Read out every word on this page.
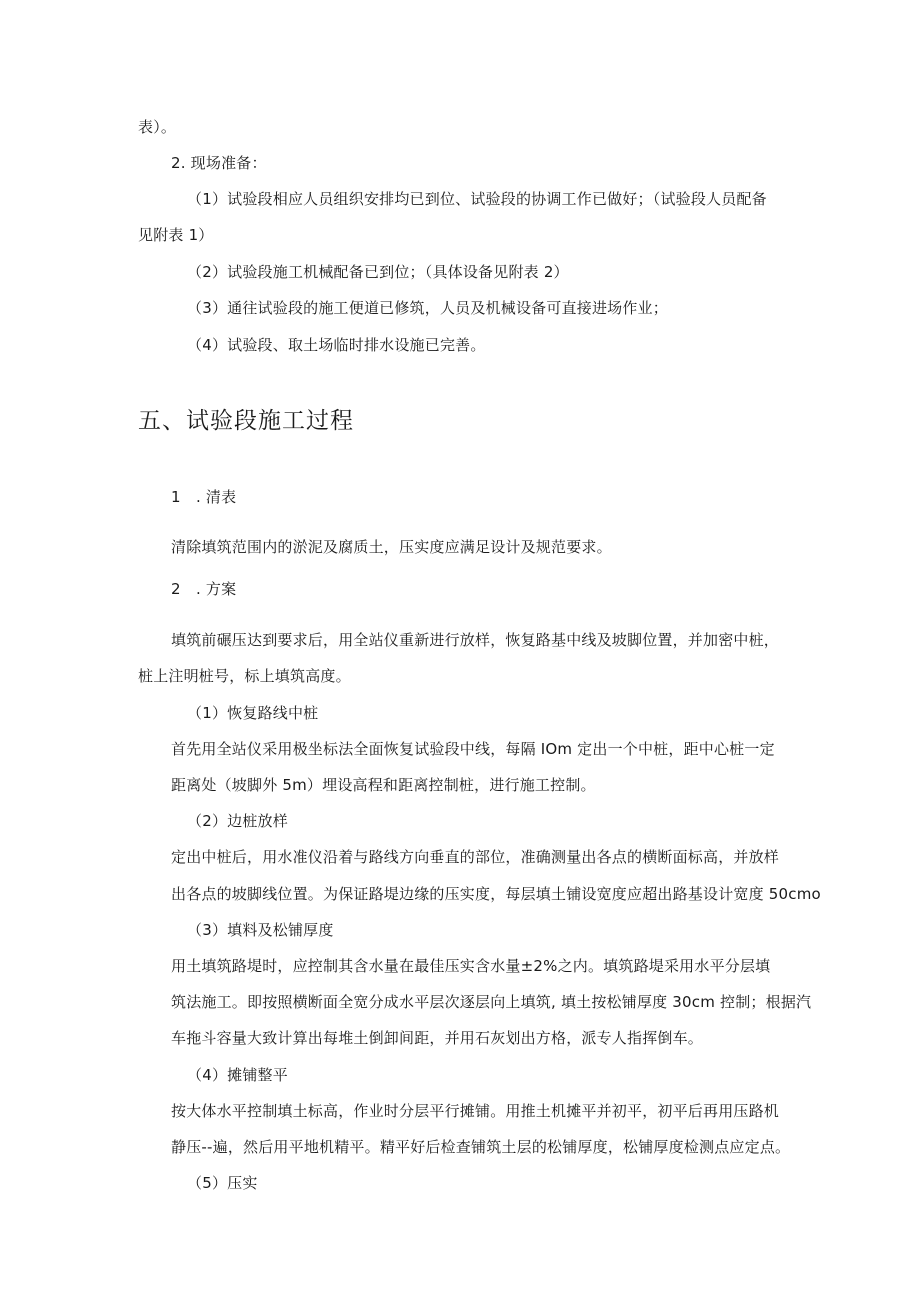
表）。
2. 现场准备：
（1）试验段相应人员组织安排均已到位、试验段的协调工作已做好；（试验段人员配备
见附表 1）
（2）试验段施工机械配备已到位；（具体设备见附表 2）
（3）通往试验段的施工便道已修筑，人员及机械设备可直接进场作业；
（4）试验段、取土场临时排水设施已完善。
五、试验段施工过程
1　. 清表
清除填筑范围内的淤泥及腐质土，压实度应满足设计及规范要求。
2　. 方案
填筑前碾压达到要求后，用全站仪重新进行放样，恢复路基中线及坡脚位置，并加密中桩，
桩上注明桩号，标上填筑高度。
（1）恢复路线中桩
首先用全站仪采用极坐标法全面恢复试验段中线，每隔 IOm 定出一个中桩，距中心桩一定
距离处（坡脚外 5m）埋设高程和距离控制桩，进行施工控制。
（2）边桩放样
定出中桩后，用水准仪沿着与路线方向垂直的部位，准确测量出各点的横断面标高，并放样
出各点的坡脚线位置。为保证路堤边缘的压实度，每层填土铺设宽度应超出路基设计宽度 50cmo
（3）填料及松铺厚度
用土填筑路堤时，应控制其含水量在最佳压实含水量±2%之内。填筑路堤采用水平分层填
筑法施工。即按照横断面全宽分成水平层次逐层向上填筑, 填土按松铺厚度 30cm 控制；根据汽
车拖斗容量大致计算出每堆土倒卸间距，并用石灰划出方格，派专人指挥倒车。
（4）摊铺整平
按大体水平控制填土标高，作业时分层平行摊铺。用推土机摊平并初平，初平后再用压路机
静压--遍，然后用平地机精平。精平好后检查铺筑土层的松铺厚度，松铺厚度检测点应定点。
（5）压实
